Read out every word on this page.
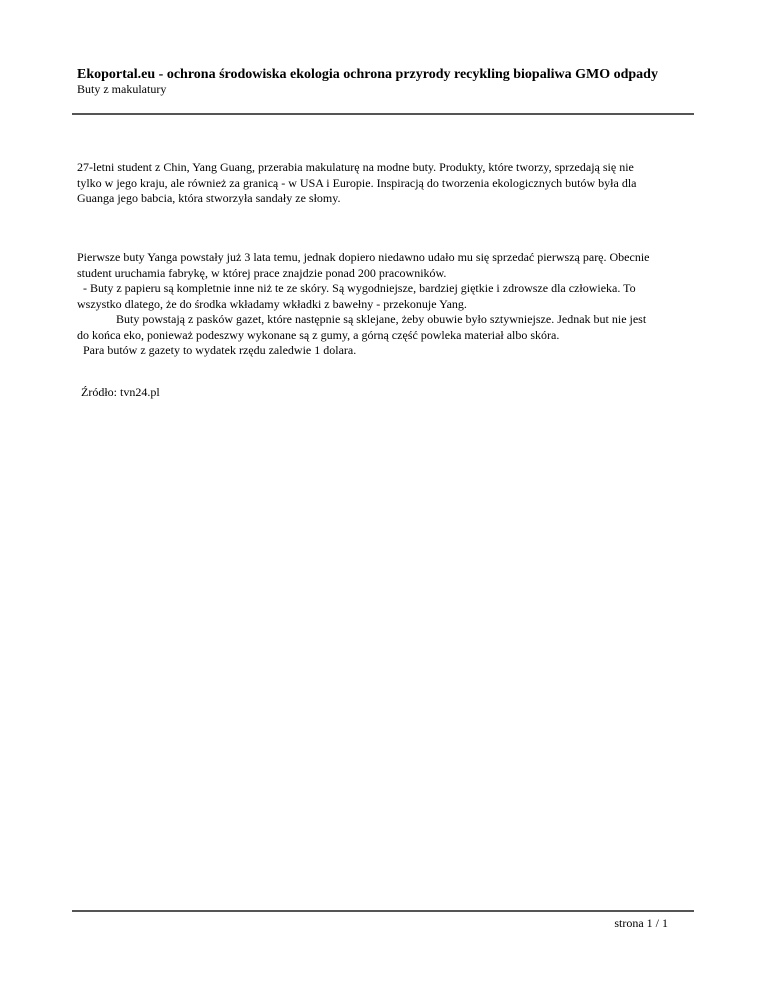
Ekoportal.eu - ochrona środowiska ekologia ochrona przyrody recykling biopaliwa GMO odpady
Buty z makulatury
27-letni student z Chin, Yang Guang, przerabia makulaturę na modne buty. Produkty, które tworzy, sprzedają się nie
tylko w jego kraju, ale również za granicą - w USA i Europie. Inspiracją do tworzenia ekologicznych butów była dla
Guanga jego babcia, która stworzyła sandały ze słomy.
Pierwsze buty Yanga powstały już 3 lata temu, jednak dopiero niedawno udało mu się sprzedać pierwszą parę. Obecnie
student uruchamia fabrykę, w której prace znajdzie ponad 200 pracowników.
- Buty z papieru są kompletnie inne niż te ze skóry. Są wygodniejsze, bardziej giętkie i zdrowsze dla człowieka. To
wszystko dlatego, że do środka wkładamy wkładki z bawełny - przekonuje Yang.
Buty powstają z pasków gazet, które następnie są sklejane, żeby obuwie było sztywniejsze. Jednak but nie jest
do końca eko, ponieważ podeszwy wykonane są z gumy, a górną część powleka materiał albo skóra.
Para butów z gazety to wydatek rzędu zaledwie 1 dolara.
Źródło: tvn24.pl
strona 1 / 1
